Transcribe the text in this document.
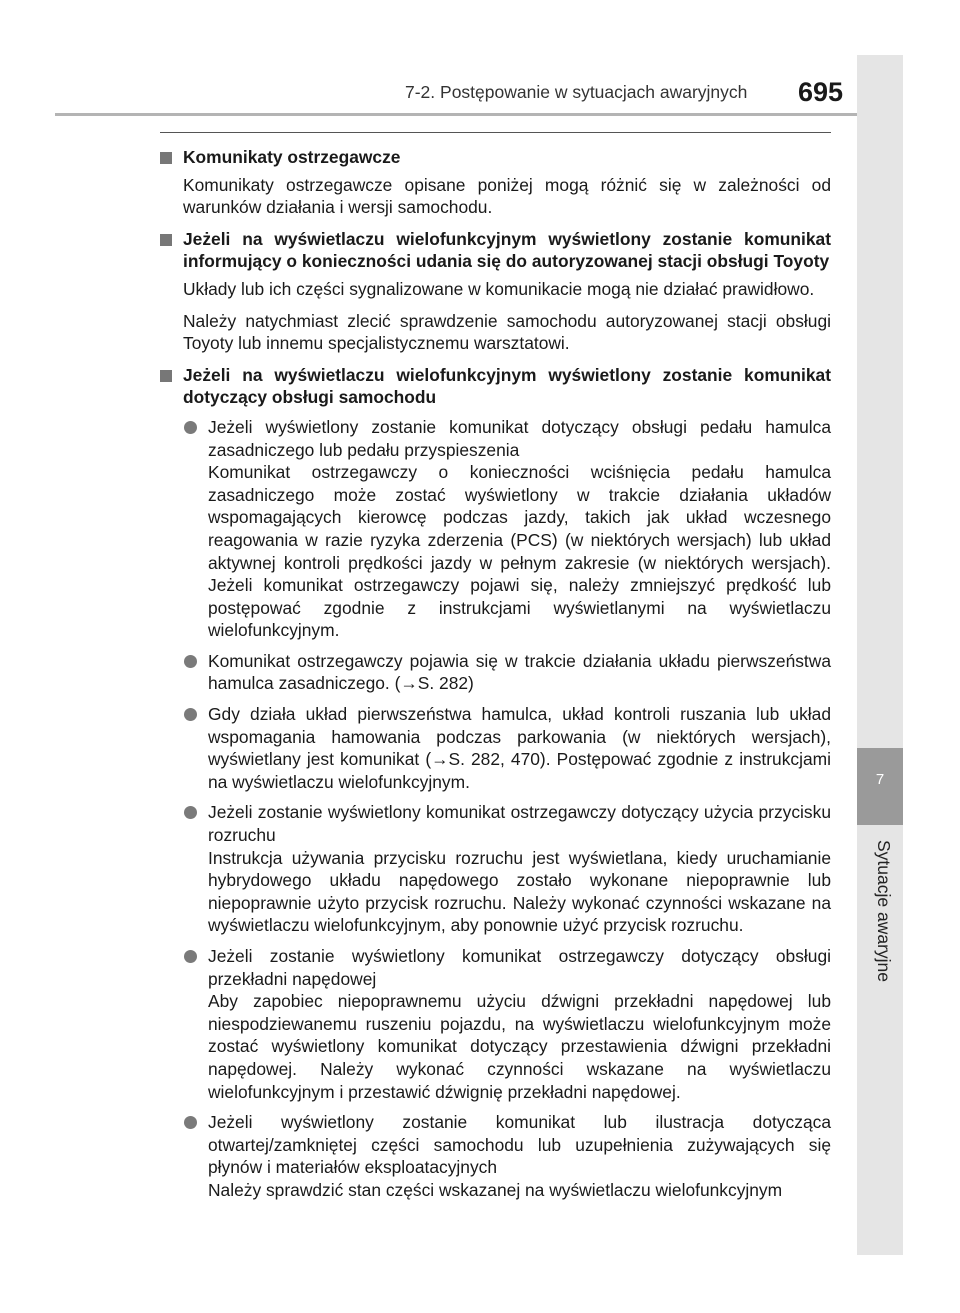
7-2. Postępowanie w sytuacjach awaryjnych 695
7
Sytuacje awaryjne
Komunikaty ostrzegawcze
Komunikaty ostrzegawcze opisane poniżej mogą różnić się w zależności od warunków działania i wersji samochodu.
Jeżeli na wyświetlaczu wielofunkcyjnym wyświetlony zostanie komunikat informujący o konieczności udania się do autoryzowanej stacji obsługi Toyoty
Układy lub ich części sygnalizowane w komunikacie mogą nie działać prawidłowo.
Należy natychmiast zlecić sprawdzenie samochodu autoryzowanej stacji obsługi Toyoty lub innemu specjalistycznemu warsztatowi.
Jeżeli na wyświetlaczu wielofunkcyjnym wyświetlony zostanie komunikat dotyczący obsługi samochodu
Jeżeli wyświetlony zostanie komunikat dotyczący obsługi pedału hamulca zasadniczego lub pedału przyspieszenia
Komunikat ostrzegawczy o konieczności wciśnięcia pedału hamulca zasadniczego może zostać wyświetlony w trakcie działania układów wspomagających kierowcę podczas jazdy, takich jak układ wczesnego reagowania w razie ryzyka zderzenia (PCS) (w niektórych wersjach) lub układ aktywnej kontroli prędkości jazdy w pełnym zakresie (w niektórych wersjach). Jeżeli komunikat ostrzegawczy pojawi się, należy zmniejszyć prędkość lub postępować zgodnie z instrukcjami wyświetlanymi na wyświetlaczu wielofunkcyjnym.
Komunikat ostrzegawczy pojawia się w trakcie działania układu pierwszeństwa hamulca zasadniczego. (→S. 282)
Gdy działa układ pierwszeństwa hamulca, układ kontroli ruszania lub układ wspomagania hamowania podczas parkowania (w niektórych wersjach), wyświetlany jest komunikat (→S. 282, 470). Postępować zgodnie z instrukcjami na wyświetlaczu wielofunkcyjnym.
Jeżeli zostanie wyświetlony komunikat ostrzegawczy dotyczący użycia przycisku rozruchu
Instrukcja używania przycisku rozruchu jest wyświetlana, kiedy uruchamianie hybrydowego układu napędowego zostało wykonane niepoprawnie lub niepoprawnie użyto przycisk rozruchu. Należy wykonać czynności wskazane na wyświetlaczu wielofunkcyjnym, aby ponownie użyć przycisk rozruchu.
Jeżeli zostanie wyświetlony komunikat ostrzegawczy dotyczący obsługi przekładni napędowej
Aby zapobiec niepoprawnemu użyciu dźwigni przekładni napędowej lub niespodziewanemu ruszeniu pojazdu, na wyświetlaczu wielofunkcyjnym może zostać wyświetlony komunikat dotyczący przestawienia dźwigni przekładni napędowej. Należy wykonać czynności wskazane na wyświetlaczu wielofunkcyjnym i przestawić dźwignię przekładni napędowej.
Jeżeli wyświetlony zostanie komunikat lub ilustracja dotycząca otwartej/zamkniętej części samochodu lub uzupełnienia zużywających się płynów i materiałów eksploatacyjnych
Należy sprawdzić stan części wskazanej na wyświetlaczu wielofunkcyjnym
